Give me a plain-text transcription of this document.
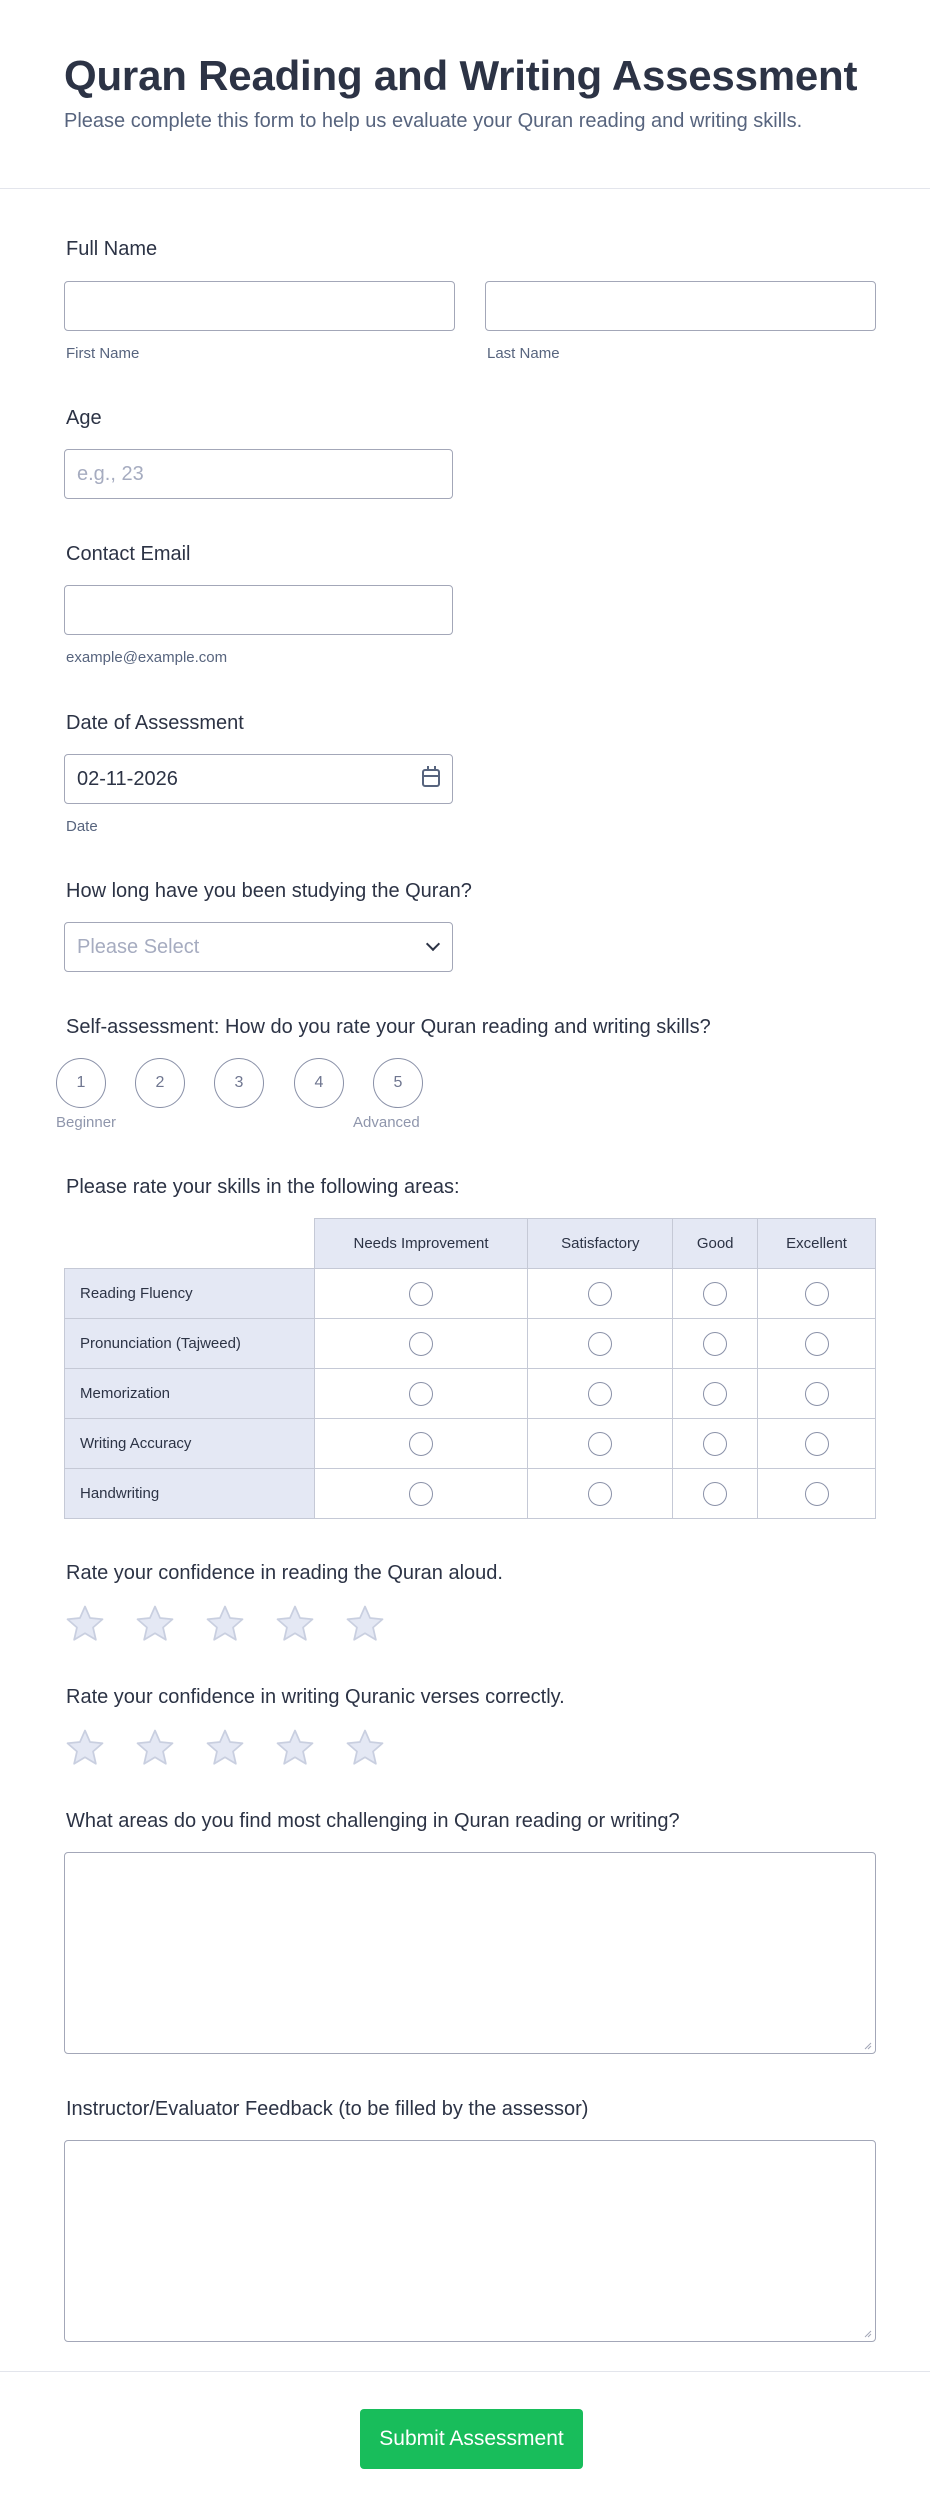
Quran Reading and Writing Assessment
Please complete this form to help us evaluate your Quran reading and writing skills.
Full Name
First Name	Last Name
Age
e.g., 23
Contact Email
example@example.com
Date of Assessment
02-11-2026
Date
How long have you been studying the Quran?
Please Select
Self-assessment: How do you rate your Quran reading and writing skills?
1	2	3	4	5
Beginner	Advanced
Please rate your skills in the following areas:
	Needs Improvement	Satisfactory	Good	Excellent
Reading Fluency				
Pronunciation (Tajweed)				
Memorization				
Writing Accuracy				
Handwriting				
Rate your confidence in reading the Quran aloud.
Rate your confidence in writing Quranic verses correctly.
What areas do you find most challenging in Quran reading or writing?
Instructor/Evaluator Feedback (to be filled by the assessor)
Submit Assessment
